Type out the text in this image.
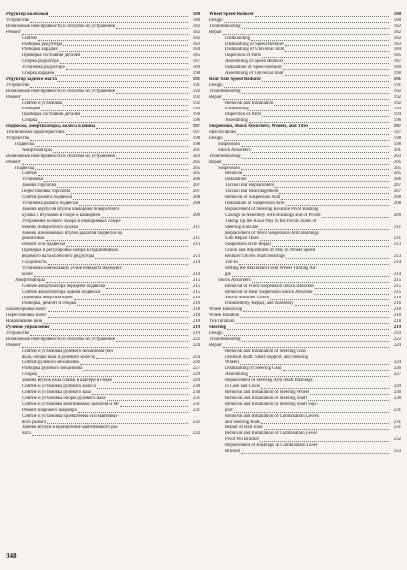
Редуктор колесный	180
Устройство	180
Возможные неисправности и способы их устранения	182
Ремонт	182
Снятие	182
Разборка редуктора	183
Разборка кардана	184
Проверка состояния деталей	185
Сборка редуктора	187
Установка редуктора	189
Сборка кардана	190
Редуктор заднего моста	191
Устройство	191
Возможные неисправности и способы их устранения	192
Ремонт	192
Снятие и установка	192
Разборка	193
Проверка состояния деталей	194
Сборка	196
Подвеска, амортизаторы, колеса и шины	197
Техническая характеристика	197
Устройство	198
Подвеска	198
Амортизаторы	201
Возможные неисправности и способы их устранения	203
Ремонт	205
Подвеска	205
Снятие	205
Установка	206
Замена торсиона	207
Перестановка торсиона	207
Снятие рычага подвески	208
Установка рычага подвески	208
Замена корпусов втулок шкворней поворотного
кулака с втулками в сборе и шкворней	209
Устранение осевого зазора в шкворневых соеди-
нениях поворотного кулака	211
Замена изношенных втулок рычагов подвески на
ремонтные	211
Ремонт оси подвески	213
Проверка и регулировка зазора в подшипниках
ведомого вала колесного редуктора	213
Сходимость	214
Установка наибольших углов поворота передних
колес	214
Амортизаторы	215
Снятие амортизатора передней подвески	215
Снятие амортизатора задней подвески	215
Проверка амортизаторов	216
Разборка, ремонт и сборка	216
Балансировка колес	218
Перестановка колес	218
Накачивание шин	218
Рулевое управление	219
Устройство	219
Возможные неисправности и способы их устранения	222
Ремонт	224
Снятие и установка рулевого механизма (без
вала, опоры вала и рулевого колеса)	224
Снятие рулевого механизма	226
Разборка рулевого механизма	227
Сборка	229
Замена втулок вала сошки в картере в сборе	229
Снятие и установка рулевого колеса	230
Снятие и установка рулевого вала	230
Снятие и установка опоры рулевого вала	231
Снятие и установка маятниковых рычагов и тяг	231
Ремонт шарового шарнира	231
Снятие и установка кронштейна оси маятнико-
вого рычага	232
Замена втулки в кронштейне маятникового ры-
чага	233
Wheel Speed Reducer	180
Design	180
Troubleshooting	182
Repair	182
Dismounting	182
Dismantling of Speed Reducer	183
Dismantling of Universal Joint	184
Inspection of Parts	185
Assembling of Speed Reducer	187
Installation of Speed Reducer	189
Assembling of Universal Joint	190
Rear Axle Speed Reducer	191
Design	191
Troubleshooting	192
Repair	192
Removal and Installation	192
Dismantling	193
Inspection of Parts	194
Assembling	196
Suspension, Shock Absorbers, Wheels, and Tires	197
Specifications	197
Design	198
Suspension	198
Shock Absorbers	201
Troubleshooting	203
Repair	205
Suspension	205
Removal	205
Installation	206
Torsion Bar Replacement	207
Torsion Bar Rearrangement	207
Removal of Suspension Arm	208
Installation of Suspension Arm	208
Replacement of Steering Knuckle Pivot Bushing
Casings in Assembly with Bushings and of Pivots	209
Taking Up the Axial Play in the Pivots Joints of
Steering Knuckle	211
Replacement of Worn Suspension Arm Bushings
with Repair Ones	211
Suspension Axle Repair	213
Check and Adjustment of Play in Wheel Speed
Reducer Driven Shaft Bearings	213
Toe-In	214
Setting the Maximum Front Wheel Turning An-
gle	214
Shock Absorbers	215
Removal of Front Suspension Shock Absorber	215
Removal of Rear Suspension Shock Absorber	215
Shock Absorber Check	216
Disassembly, Repair, and Assembly	216
Wheel Balancing	218
Wheel Rotation	218
Tire Inflation	218
Steering	219
Design	219
Troubleshooting	222
Repair	224
Removal and Installation of Steering Gear
(without Shaft, Shaft Support, and Steering
Wheel)	224
Dismantling of Steering Gear	226
Assembling	227
Replacement of Steering Arm Shaft Bushings
in Case and Cover	229
Removal and Installation of Steering Wheel	230
Removal and Installation of Steering Shaft	230
Removal and Installation of Steering Shaft Sup-
port	231
Removal and Installation of Combination Levers
and Steering Rods	231
Repair of Ball Joint	231
Removal and Installation of Combination Lever
Pivot Pin Bracket	232
Replacement of Bushings in Combination Lever
Bracket	233
348
